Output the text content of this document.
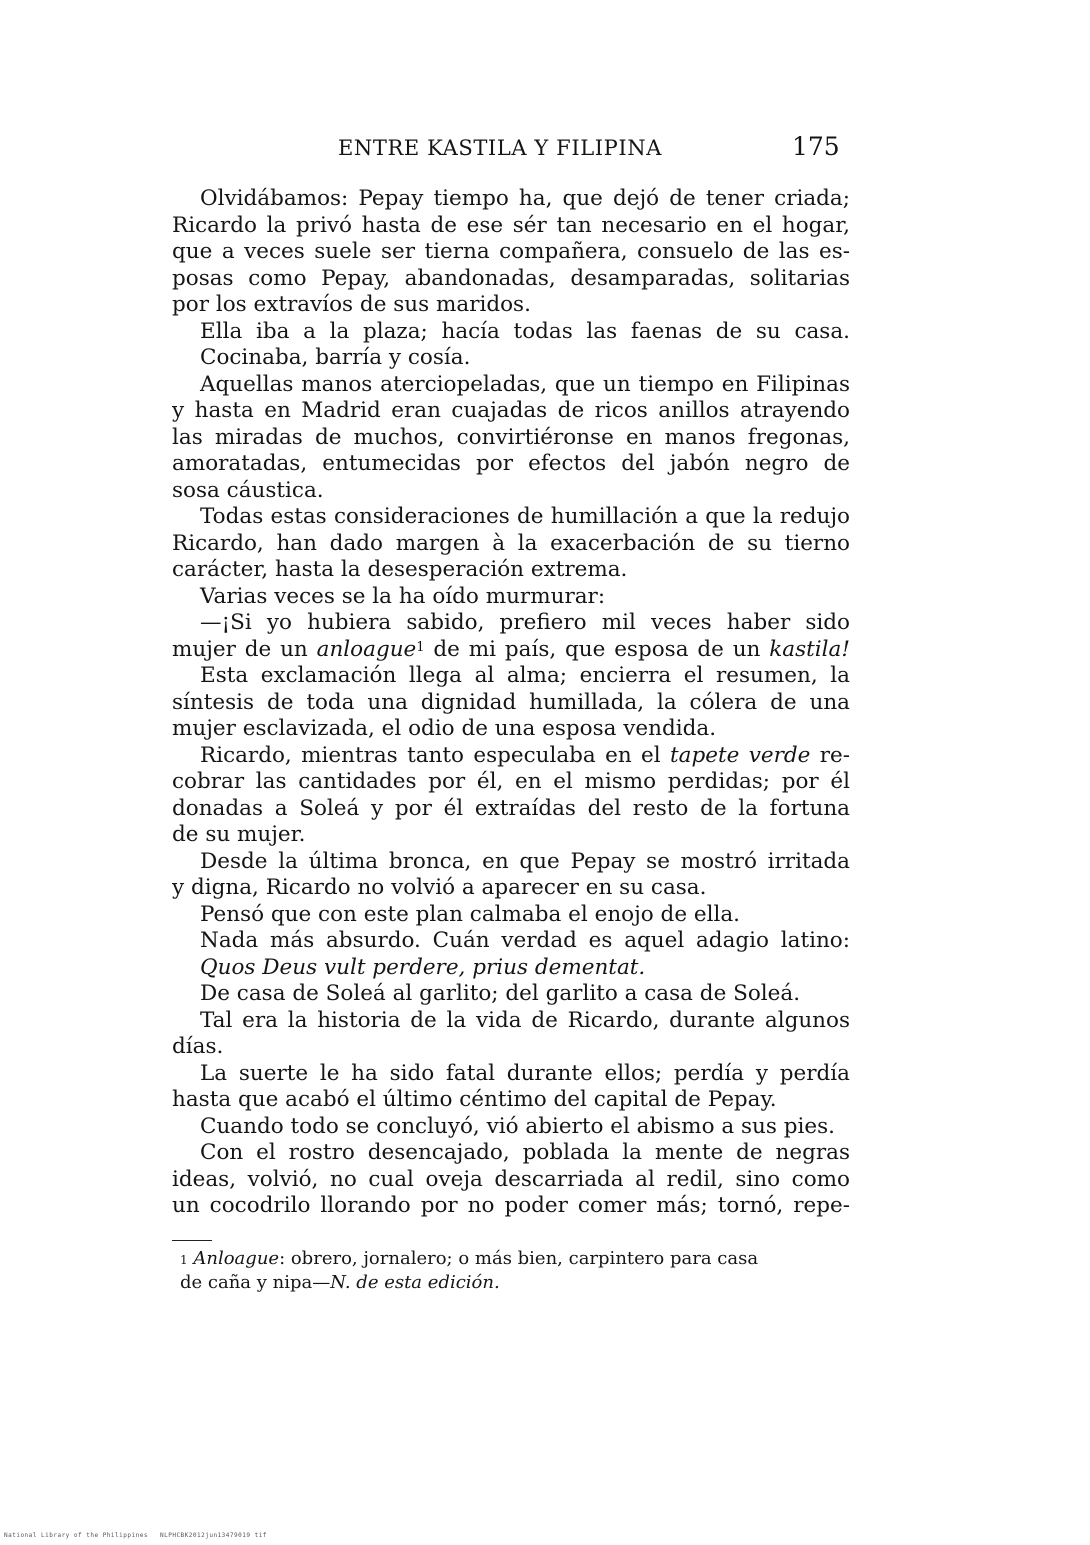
ENTRE KASTILA Y FILIPINA	175
Olvidábamos: Pepay tiempo ha, que dejó de tener criada;
Ricardo la privó hasta de ese sér tan necesario en el hogar,
que a veces suele ser tierna compañera, consuelo de las es-
posas como Pepay, abandonadas, desamparadas, solitarias
por los extravíos de sus maridos.
Ella iba a la plaza; hacía todas las faenas de su casa.
Cocinaba, barría y cosía.
Aquellas manos aterciopeladas, que un tiempo en Filipinas
y hasta en Madrid eran cuajadas de ricos anillos atrayendo
las miradas de muchos, convirtiéronse en manos fregonas,
amoratadas, entumecidas por efectos del jabón negro de
sosa cáustica.
Todas estas consideraciones de humillación a que la redujo
Ricardo, han dado margen à la exacerbación de su tierno
carácter, hasta la desesperación extrema.
Varias veces se la ha oído murmurar:
—¡Si yo hubiera sabido, prefiero mil veces haber sido
mujer de un anloague$^1$ de mi país, que esposa de un kastila!
Esta exclamación llega al alma; encierra el resumen, la
síntesis de toda una dignidad humillada, la cólera de una
mujer esclavizada, el odio de una esposa vendida.
Ricardo, mientras tanto especulaba en el tapete verde re-
cobrar las cantidades por él, en el mismo perdidas; por él
donadas a Soleá y por él extraídas del resto de la fortuna
de su mujer.
Desde la última bronca, en que Pepay se mostró irritada
y digna, Ricardo no volvió a aparecer en su casa.
Pensó que con este plan calmaba el enojo de ella.
Nada más absurdo. Cuán verdad es aquel adagio latino:
Quos Deus vult perdere, prius dementat.
De casa de Soleá al garlito; del garlito a casa de Soleá.
Tal era la historia de la vida de Ricardo, durante algunos
días.
La suerte le ha sido fatal durante ellos; perdía y perdía
hasta que acabó el último céntimo del capital de Pepay.
Cuando todo se concluyó, vió abierto el abismo a sus pies.
Con el rostro desencajado, poblada la mente de negras
ideas, volvió, no cual oveja descarriada al redil, sino como
un cocodrilo llorando por no poder comer más; tornó, repe-
$^1$ Anloague: obrero, jornalero; o más bien, carpintero para casa
de caña y nipa—N. de esta edición.
National Library of the Philippines NLPHCBK2012jun13479019 tif
